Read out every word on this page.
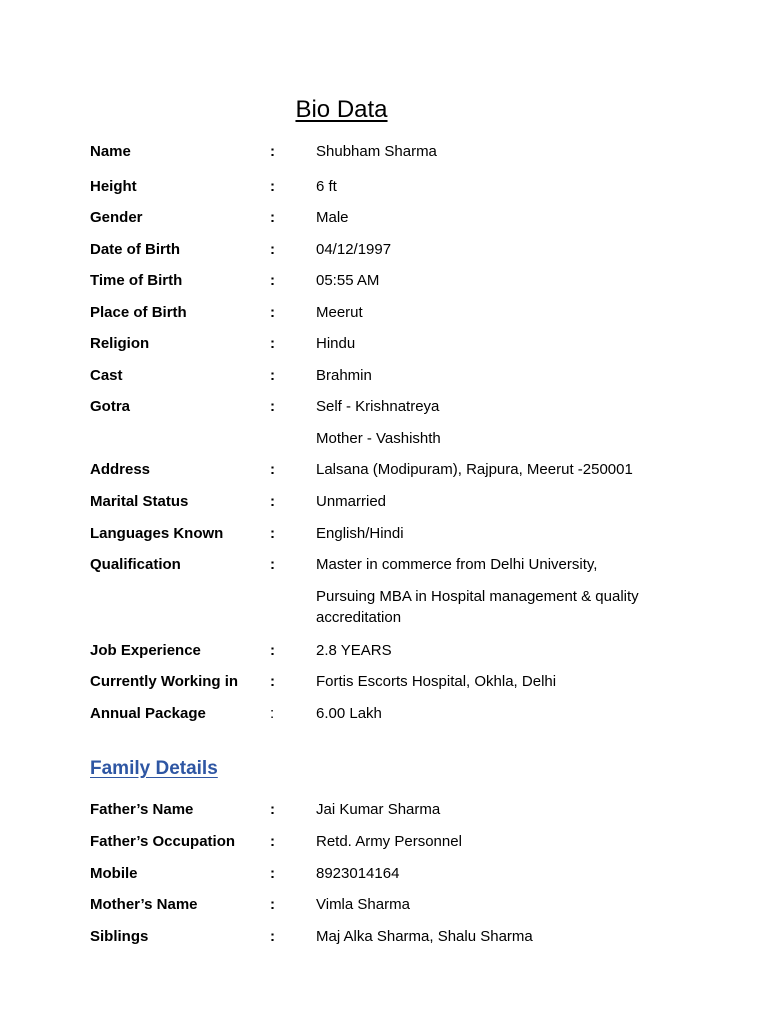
Bio Data
Name	:	Shubham Sharma
Height	:	6 ft
Gender	:	Male
Date of Birth	:	04/12/1997
Time of Birth	:	05:55 AM
Place of Birth	:	Meerut
Religion	:	Hindu
Cast	:	Brahmin
Gotra	:	Self - Krishnatreya
Mother - Vashishth
Address	:	Lalsana (Modipuram), Rajpura, Meerut -250001
Marital Status	:	Unmarried
Languages Known	:	English/Hindi
Qualification	:	Master in commerce from Delhi University,
Pursuing MBA in Hospital management & quality accreditation
Job Experience	:	2.8 YEARS
Currently Working in :	Fortis Escorts Hospital, Okhla, Delhi
Annual Package	:	6.00 Lakh
Family Details
Father’s Name	:	Jai Kumar Sharma
Father’s Occupation :	Retd. Army Personnel
Mobile	:	8923014164
Mother’s Name	:	Vimla Sharma
Siblings	:	Maj Alka Sharma, Shalu Sharma
